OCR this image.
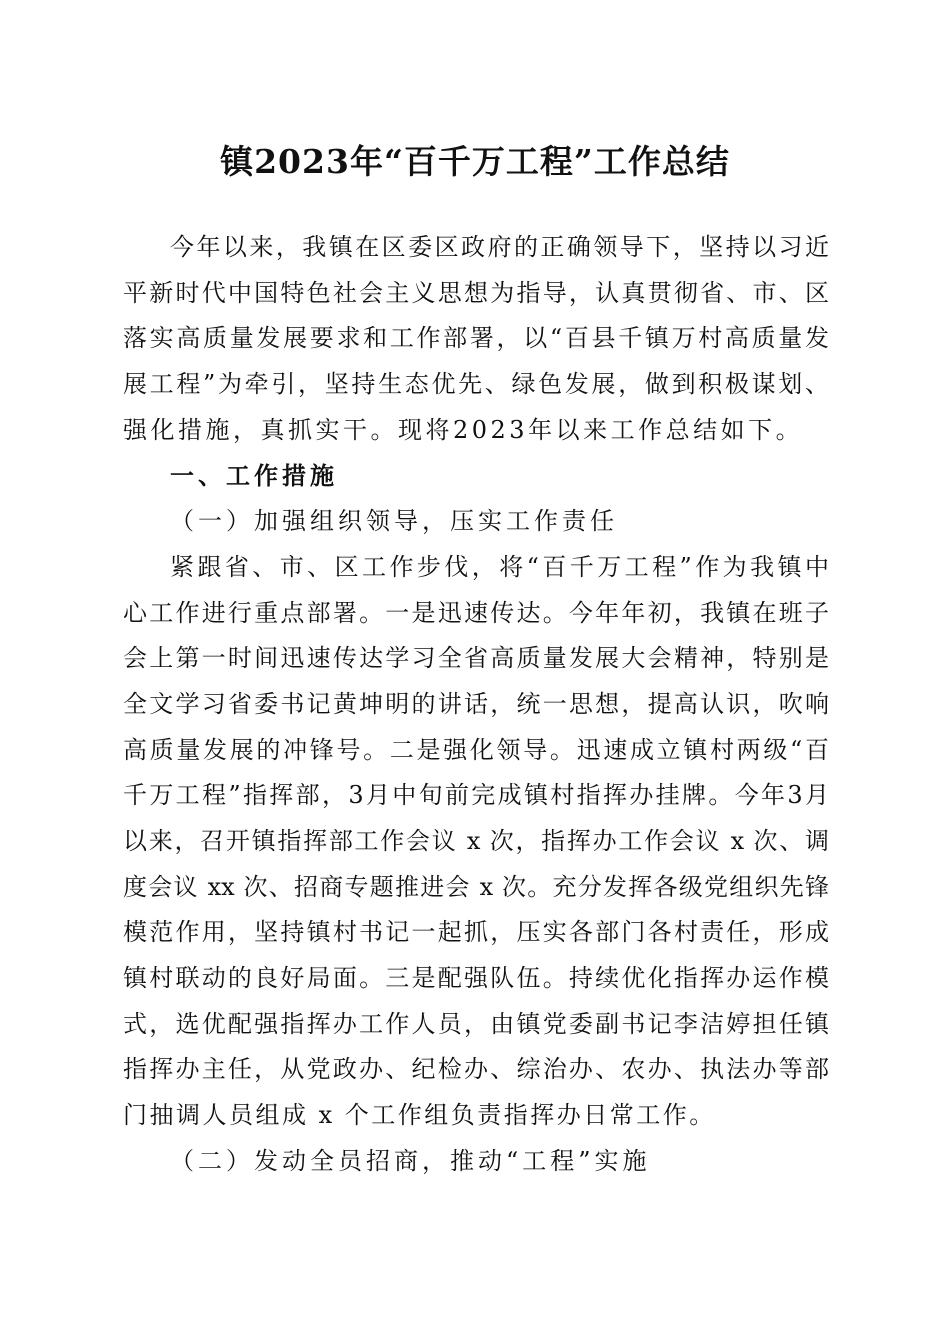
镇2023年“百千万工程”工作总结
今年以来，我镇在区委区政府的正确领导下，坚持以习近
平新时代中国特色社会主义思想为指导，认真贯彻省、市、区
落实高质量发展要求和工作部署，以“百县千镇万村高质量发
展工程”为牵引，坚持生态优先、绿色发展，做到积极谋划、
强化措施，真抓实干。现将2023年以来工作总结如下。
一、工作措施
（一）加强组织领导，压实工作责任
紧跟省、市、区工作步伐，将“百千万工程”作为我镇中
心工作进行重点部署。一是迅速传达。今年年初，我镇在班子
会上第一时间迅速传达学习全省高质量发展大会精神，特别是
全文学习省委书记黄坤明的讲话，统一思想，提高认识，吹响
高质量发展的冲锋号。二是强化领导。迅速成立镇村两级“百
千万工程”指挥部，3月中旬前完成镇村指挥办挂牌。今年3月
以来，召开镇指挥部工作会议 x 次，指挥办工作会议 x 次、调
度会议 xx 次、招商专题推进会 x 次。充分发挥各级党组织先锋
模范作用，坚持镇村书记一起抓，压实各部门各村责任，形成
镇村联动的良好局面。三是配强队伍。持续优化指挥办运作模
式，选优配强指挥办工作人员，由镇党委副书记李洁婷担任镇
指挥办主任，从党政办、纪检办、综治办、农办、执法办等部
门抽调人员组成 x 个工作组负责指挥办日常工作。
（二）发动全员招商，推动“工程”实施
